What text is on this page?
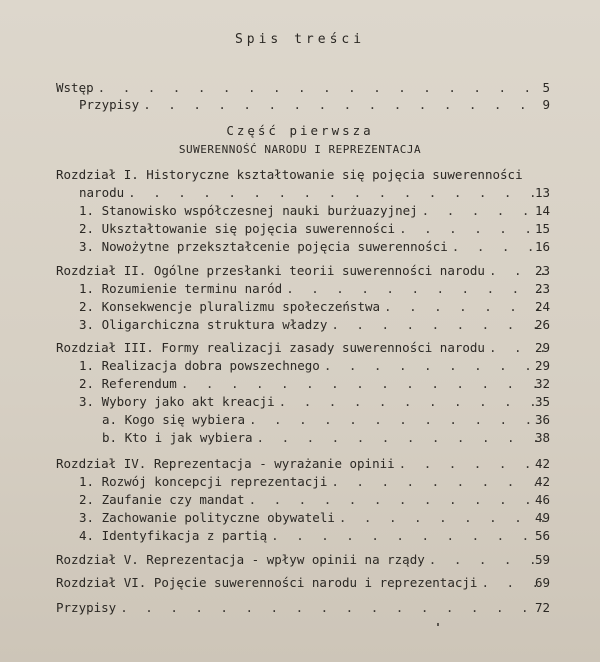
Spis treści
Wstęp . . .	5
Przypisy . . .	9
Część pierwsza
SUWERENNOŚĆ NARODU I REPREZENTACJA
Rozdział I. Historyczne kształtowanie się pojęcia suwerenności
narodu . . .	13
1. Stanowisko współczesnej nauki burżuazyjnej . . .	14
2. Ukształtowanie się pojęcia suwerenności . . .	15
3. Nowożytne przekształcenie pojęcia suwerenności . . .	16
Rozdział II. Ogólne przesłanki teorii suwerenności narodu . . .	23
1. Rozumienie terminu naród . . .	23
2. Konsekwencje pluralizmu społeczeństwa . . .	24
3. Oligarchiczna struktura władzy . . .	26
Rozdział III. Formy realizacji zasady suwerenności narodu . . .	29
1. Realizacja dobra powszechnego . . .	29
2. Referendum . . .	32
3. Wybory jako akt kreacji . . .	35
a. Kogo się wybiera . . .	36
b. Kto i jak wybiera . . .	38
Rozdział IV. Reprezentacja - wyrażanie opinii . . .	42
1. Rozwój koncepcji reprezentacji . . .	42
2. Zaufanie czy mandat . . .	46
3. Zachowanie polityczne obywateli . . .	49
4. Identyfikacja z partią . . .	56
Rozdział V. Reprezentacja - wpływ opinii na rządy . . .	59
Rozdział VI. Pojęcie suwerenności narodu i reprezentacji . . .	69
Przypisy . . .	72
